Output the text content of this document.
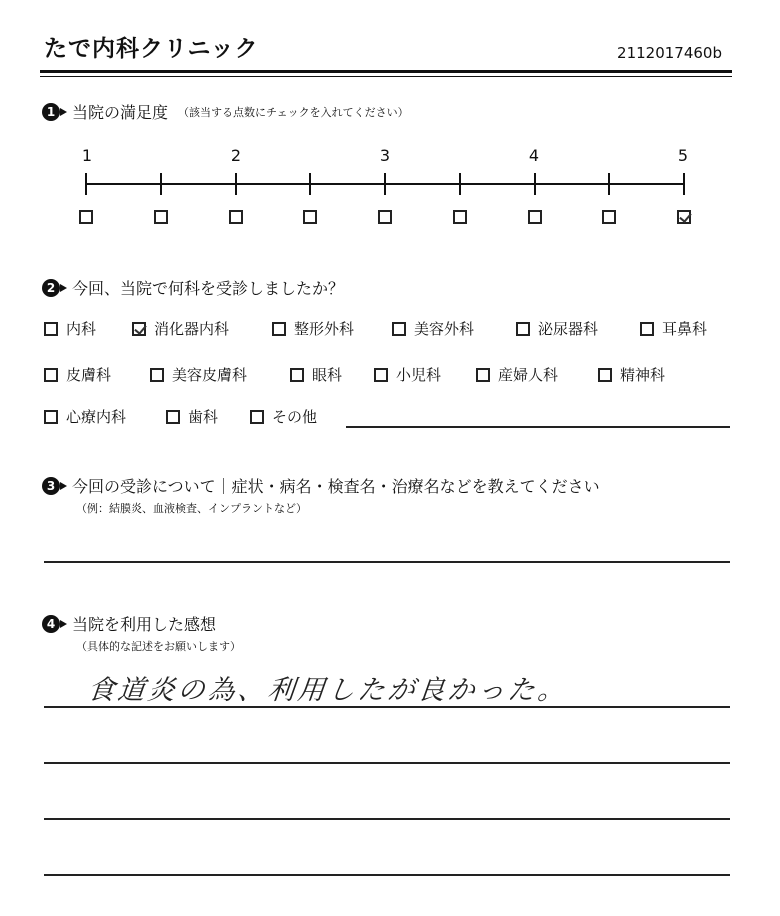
たで内科クリニック	2112017460b
1	当院の満足度 （該当する点数にチェックを入れてください）
1	2	3	4	5
2	今回、当院で何科を受診しましたか？
内科	消化器内科	整形外科	美容外科	泌尿器科	耳鼻科
皮膚科	美容皮膚科	眼科	小児科	産婦人科	精神科
心療内科	歯科	その他
3	今回の受診について｜症状・病名・検査名・治療名などを教えてください
（例：結膜炎、血液検査、インプラントなど）
4	当院を利用した感想
（具体的な記述をお願いします）
食道炎の為、利用したが良かった。
